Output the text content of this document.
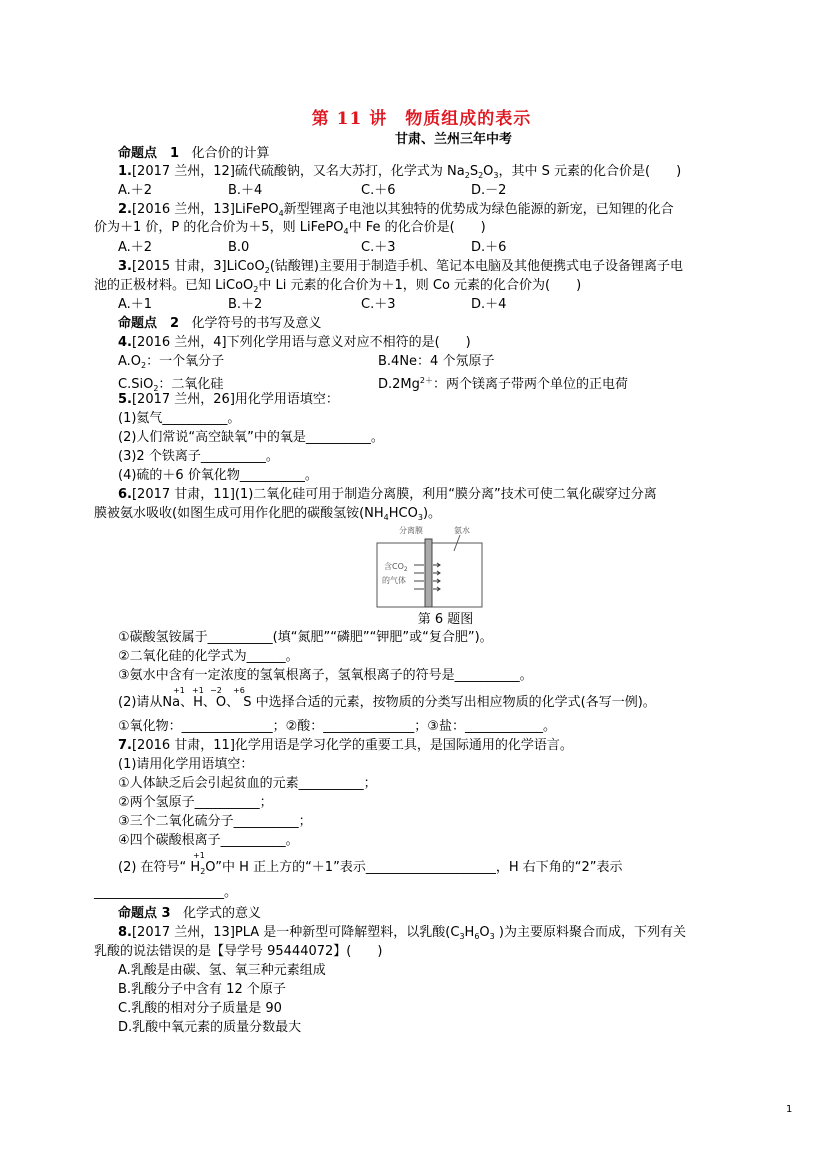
第 11 讲　物质组成的表示
甘肃、兰州三年中考
命题点　1 化合价的计算
1.[2017 兰州，12]硫代硫酸钠，又名大苏打，化学式为 $Na_2S_2O_3$，其中 S 元素的化合价是(　　)
A.＋2	B.＋4	C.＋6	D.－2
2.[2016 兰州，13]LiFePO$_4$新型锂离子电池以其独特的优势成为绿色能源的新宠，已知锂的化合
价为＋1 价，P 的化合价为＋5，则 LiFePO$_4$中 Fe 的化合价是(　　)
A.＋2	B.0	C.＋3	D.＋6
3.[2015 甘肃，3]LiCoO$_2$(钴酸锂)主要用于制造手机、笔记本电脑及其他便携式电子设备锂离子电
池的正极材料。已知 LiCoO$_2$中 Li 元素的化合价为＋1，则 Co 元素的化合价为(　　)
A.＋1	B.＋2	C.＋3	D.＋4
命题点　2 化学符号的书写及意义
4.[2016 兰州，4]下列化学用语与意义对应不相符的是(　　)
$A.O_2$：一个氧分子	B.4Ne：4 个氖原子
C.SiO$_2$：二氧化硅	$D.2Mg^{2+}$：两个镁离子带两个单位的正电荷
5.[2017 兰州，26]用化学用语填空：
(1)氦气__________。
(2)人们常说“高空缺氧”中的氧是__________。
(3)2 个铁离子__________。
(4)硫的＋6 价氧化物__________。
6.[2017 甘肃，11](1)二氧化硅可用于制造分离膜，利用“膜分离”技术可使二氧化碳穿过分离
膜被氨水吸收(如图生成可用作化肥的碳酸氢铵$(NH_4HCO_3)$。
分离膜	氨水
含$CO_2$
的气体
第 6 题图
①碳酸氢铵属于__________(填“氮肥”“磷肥”“钾肥”或“复合肥”)。
②二氧化硅的化学式为______。
③氨水中含有一定浓度的氢氧根离子，氢氧根离子的符号是__________。
+1 +1 −2 +6
(2)请从Na、H、O、 S 中选择合适的元素，按物质的分类写出相应物质的化学式(各写一例)。
①氧化物：______________；②酸：______________；③盐：____________。
7.[2016 甘肃，11]化学用语是学习化学的重要工具，是国际通用的化学语言。
(1)请用化学用语填空：
①人体缺乏后会引起贫血的元素__________；
②两个氢原子__________；
③三个二氧化硫分子__________；
④四个碳酸根离子__________。
+1
(2) 在符号“ $H_2O$”中 H 正上方的“＋1”表示____________________，H 右下角的“2”表示
____________________。
命题点 3 化学式的意义
8.[2017 兰州，13]PLA 是一种新型可降解塑料，以乳酸($C_3H_6O_3$ )为主要原料聚合而成，下列有关
乳酸的说法错误的是【导学号 95444072】(　　)
A.乳酸是由碳、氢、氧三种元素组成
B.乳酸分子中含有 12 个原子
C.乳酸的相对分子质量是 90
D.乳酸中氧元素的质量分数最大
1
